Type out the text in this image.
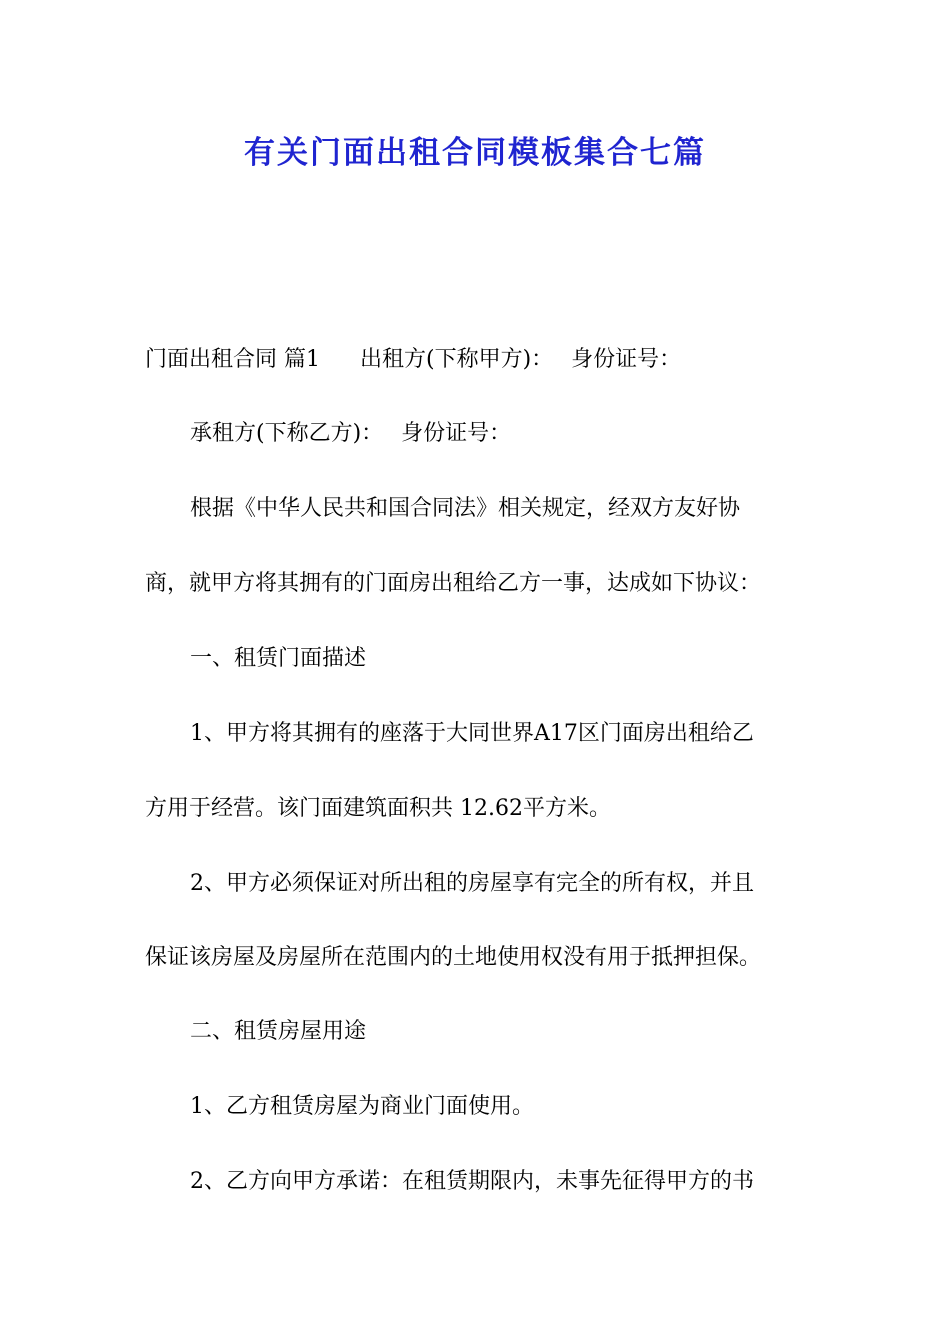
有关门面出租合同模板集合七篇

门面出租合同 篇1 出租方(下称甲方)： 身份证号：

承租方(下称乙方)： 身份证号：

根据《中华人民共和国合同法》相关规定，经双方友好协

商，就甲方将其拥有的门面房出租给乙方一事，达成如下协议：

一、租赁门面描述

1、甲方将其拥有的座落于大同世界A17区门面房出租给乙

方用于经营。该门面建筑面积共 12.62平方米。

2、甲方必须保证对所出租的房屋享有完全的所有权，并且

保证该房屋及房屋所在范围内的土地使用权没有用于抵押担保。

二、租赁房屋用途

1、乙方租赁房屋为商业门面使用。

2、乙方向甲方承诺：在租赁期限内，未事先征得甲方的书
